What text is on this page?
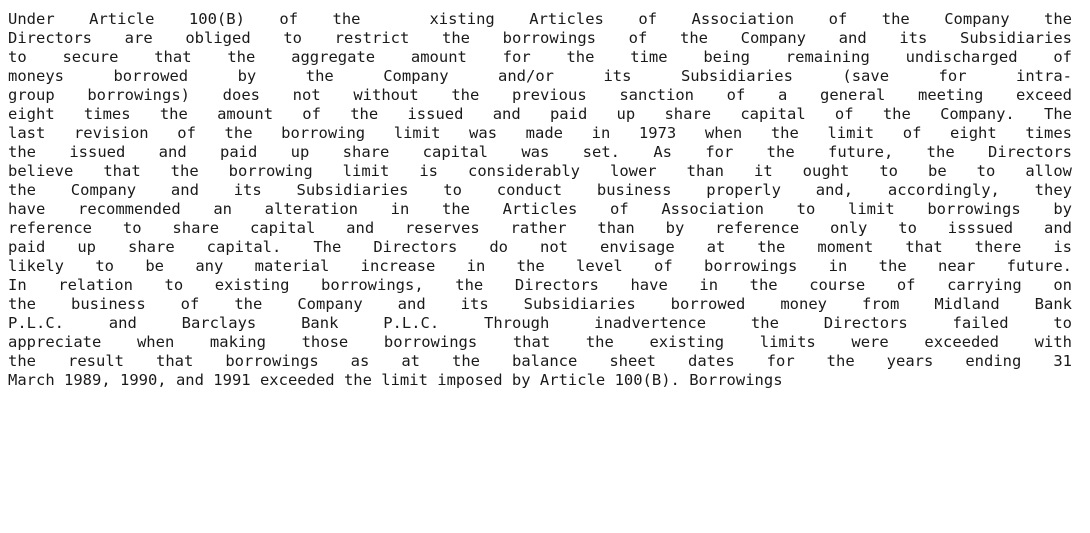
Under Article 100(B) of the  xisting Articles of Association of the Company the
Directors are obliged to restrict the borrowings of the Company and its Subsidiaries
to secure that the aggregate amount for the time being remaining undischarged of
moneys borrowed by the Company and/or its Subsidiaries (save for intra-
group borrowings) does not without the previous sanction of a general meeting exceed
eight times the amount of the issued and paid up share capital of the Company. The
last revision of the borrowing limit was made in 1973 when the limit of eight times
the issued and paid up share capital was set. As for the future, the Directors
believe that the borrowing limit is considerably lower than it ought to be to allow
the Company and its Subsidiaries to conduct business properly and, accordingly, they
have recommended an alteration in the Articles of Association to limit borrowings by
reference to share capital and reserves rather than by reference only to isssued and
paid up share capital. The Directors do not envisage at the moment that there is
likely to be any material increase in the level of borrowings in the near future.
In relation to existing borrowings, the Directors have in the course of carrying on
the business of the Company and its Subsidiaries borrowed money from Midland Bank
P.L.C. and Barclays Bank P.L.C. Through inadvertence the Directors failed to
appreciate when making those borrowings that the existing limits were exceeded with
the result that borrowings as at the balance sheet dates for the years ending 31
March 1989, 1990, and 1991 exceeded the limit imposed by Article 100(B). Borrowings
